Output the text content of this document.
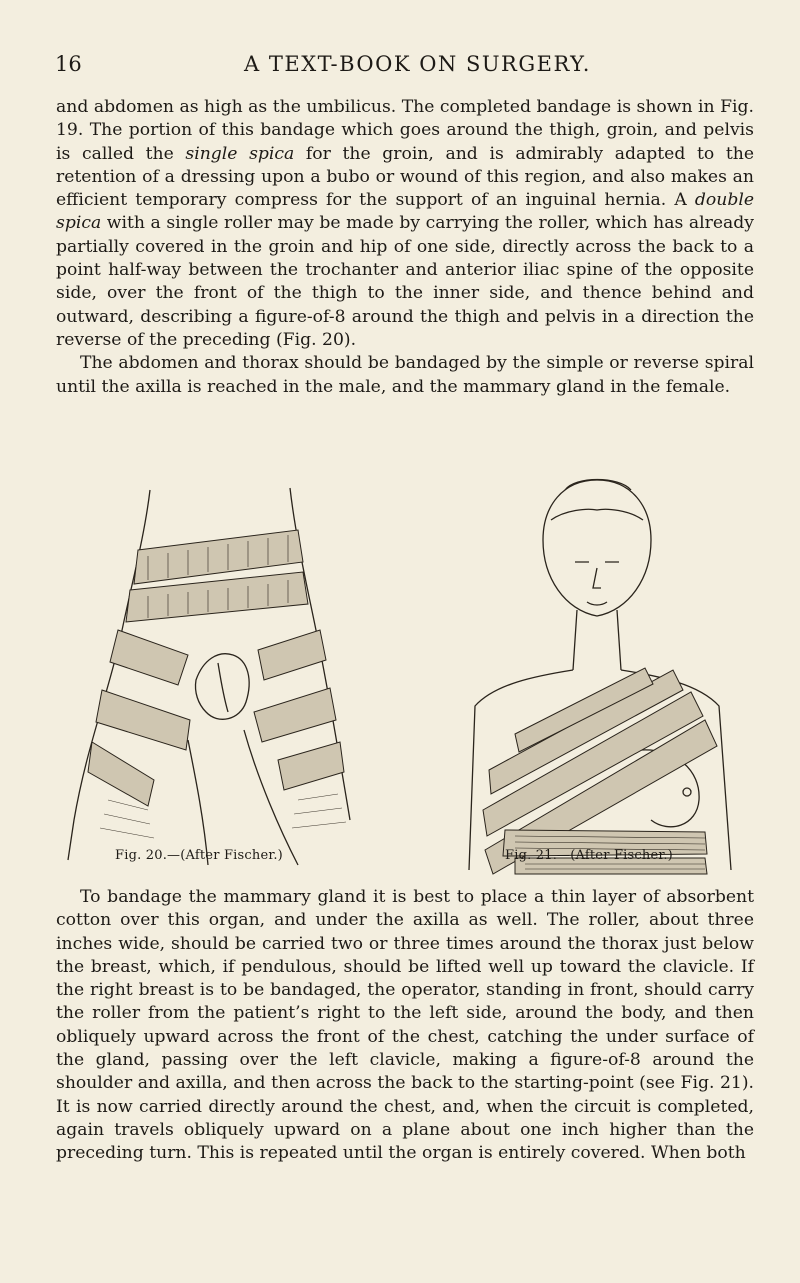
16	A TEXT-BOOK ON SURGERY.

and abdomen as high as the umbilicus. The completed bandage is shown in Fig. 19. The portion of this bandage which goes around the thigh, groin, and pelvis is called the single spica for the groin, and is admirably adapted to the retention of a dressing upon a bubo or wound of this region, and also makes an efficient temporary compress for the support of an inguinal hernia. A double spica with a single roller may be made by carrying the roller, which has already partially covered in the groin and hip of one side, directly across the back to a point half-way between the trochanter and anterior iliac spine of the opposite side, over the front of the thigh to the inner side, and thence behind and outward, describing a figure-of-8 around the thigh and pelvis in a direction the reverse of the preceding (Fig. 20).
The abdomen and thorax should be bandaged by the simple or reverse spiral until the axilla is reached in the male, and the mammary gland in the female.

Fig. 20.—(After Fischer.)	Fig. 21.—(After Fischer.)

To bandage the mammary gland it is best to place a thin layer of absorbent cotton over this organ, and under the axilla as well. The roller, about three inches wide, should be carried two or three times around the thorax just below the breast, which, if pendulous, should be lifted well up toward the clavicle. If the right breast is to be bandaged, the operator, standing in front, should carry the roller from the patient’s right to the left side, around the body, and then obliquely upward across the front of the chest, catching the under surface of the gland, passing over the left clavicle, making a figure-of-8 around the shoulder and axilla, and then across the back to the starting-point (see Fig. 21). It is now carried directly around the chest, and, when the circuit is completed, again travels obliquely upward on a plane about one inch higher than the preceding turn. This is repeated until the organ is entirely covered. When both
